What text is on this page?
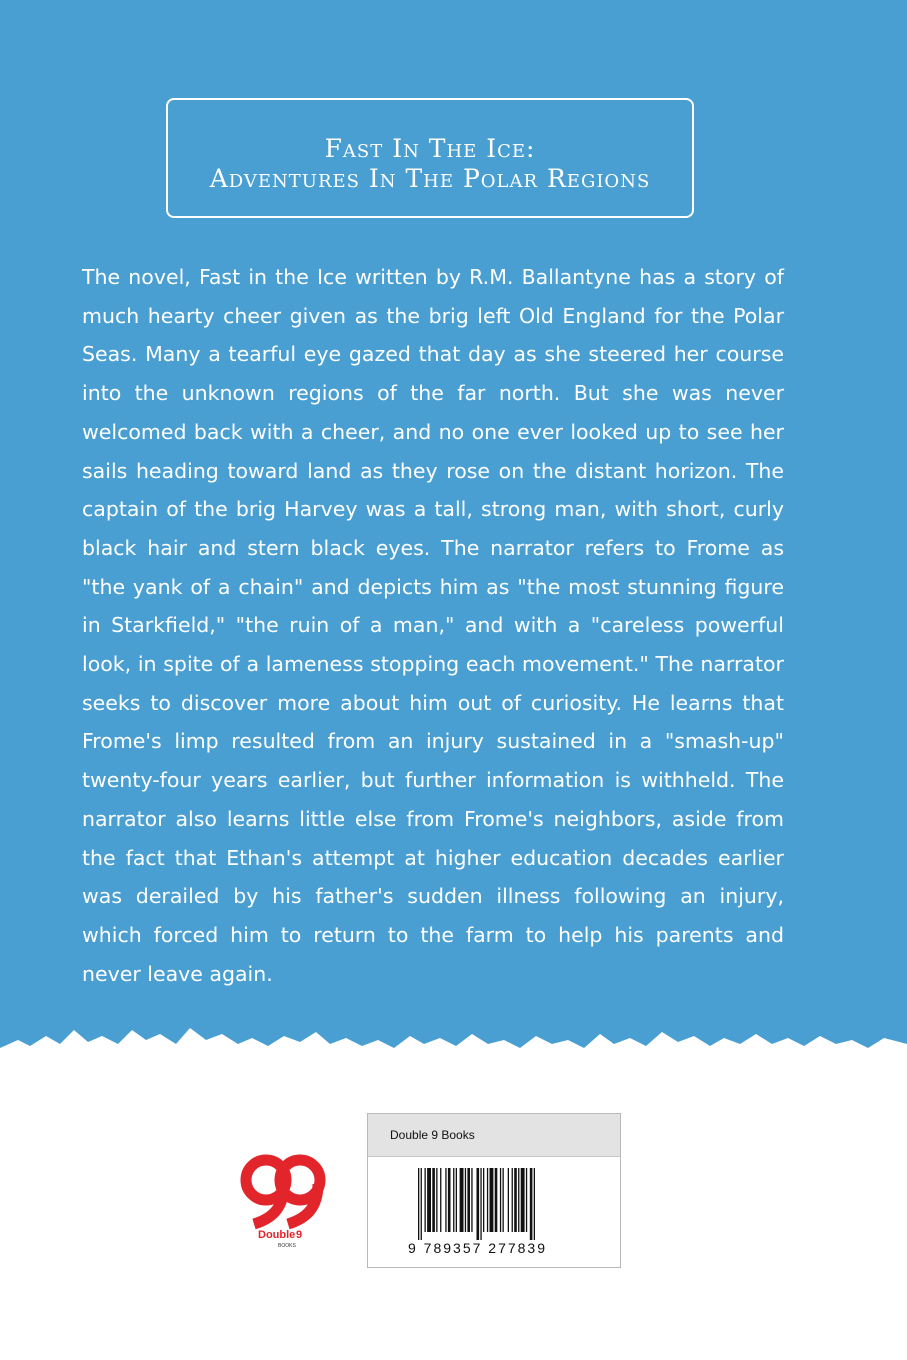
Fast In The Ice:
Adventures In The Polar Regions
The novel, Fast in the Ice written by R.M. Ballantyne has a story of much hearty cheer given as the brig left Old England for the Polar Seas. Many a tearful eye gazed that day as she steered her course into the unknown regions of the far north. But she was never welcomed back with a cheer, and no one ever looked up to see her sails heading toward land as they rose on the distant horizon. The captain of the brig Harvey was a tall, strong man, with short, curly black hair and stern black eyes. The narrator refers to Frome as "the yank of a chain" and depicts him as "the most stunning figure in Starkfield," "the ruin of a man," and with a "careless powerful look, in spite of a lameness stopping each movement." The narrator seeks to discover more about him out of curiosity. He learns that Frome's limp resulted from an injury sustained in a "smash-up" twenty-four years earlier, but further information is withheld. The narrator also learns little else from Frome's neighbors, aside from the fact that Ethan's attempt at higher education decades earlier was derailed by his father's sudden illness following an injury, which forced him to return to the farm to help his parents and never leave again.
Double 9
BOOKS
Double 9 Books
9 789357 277839
